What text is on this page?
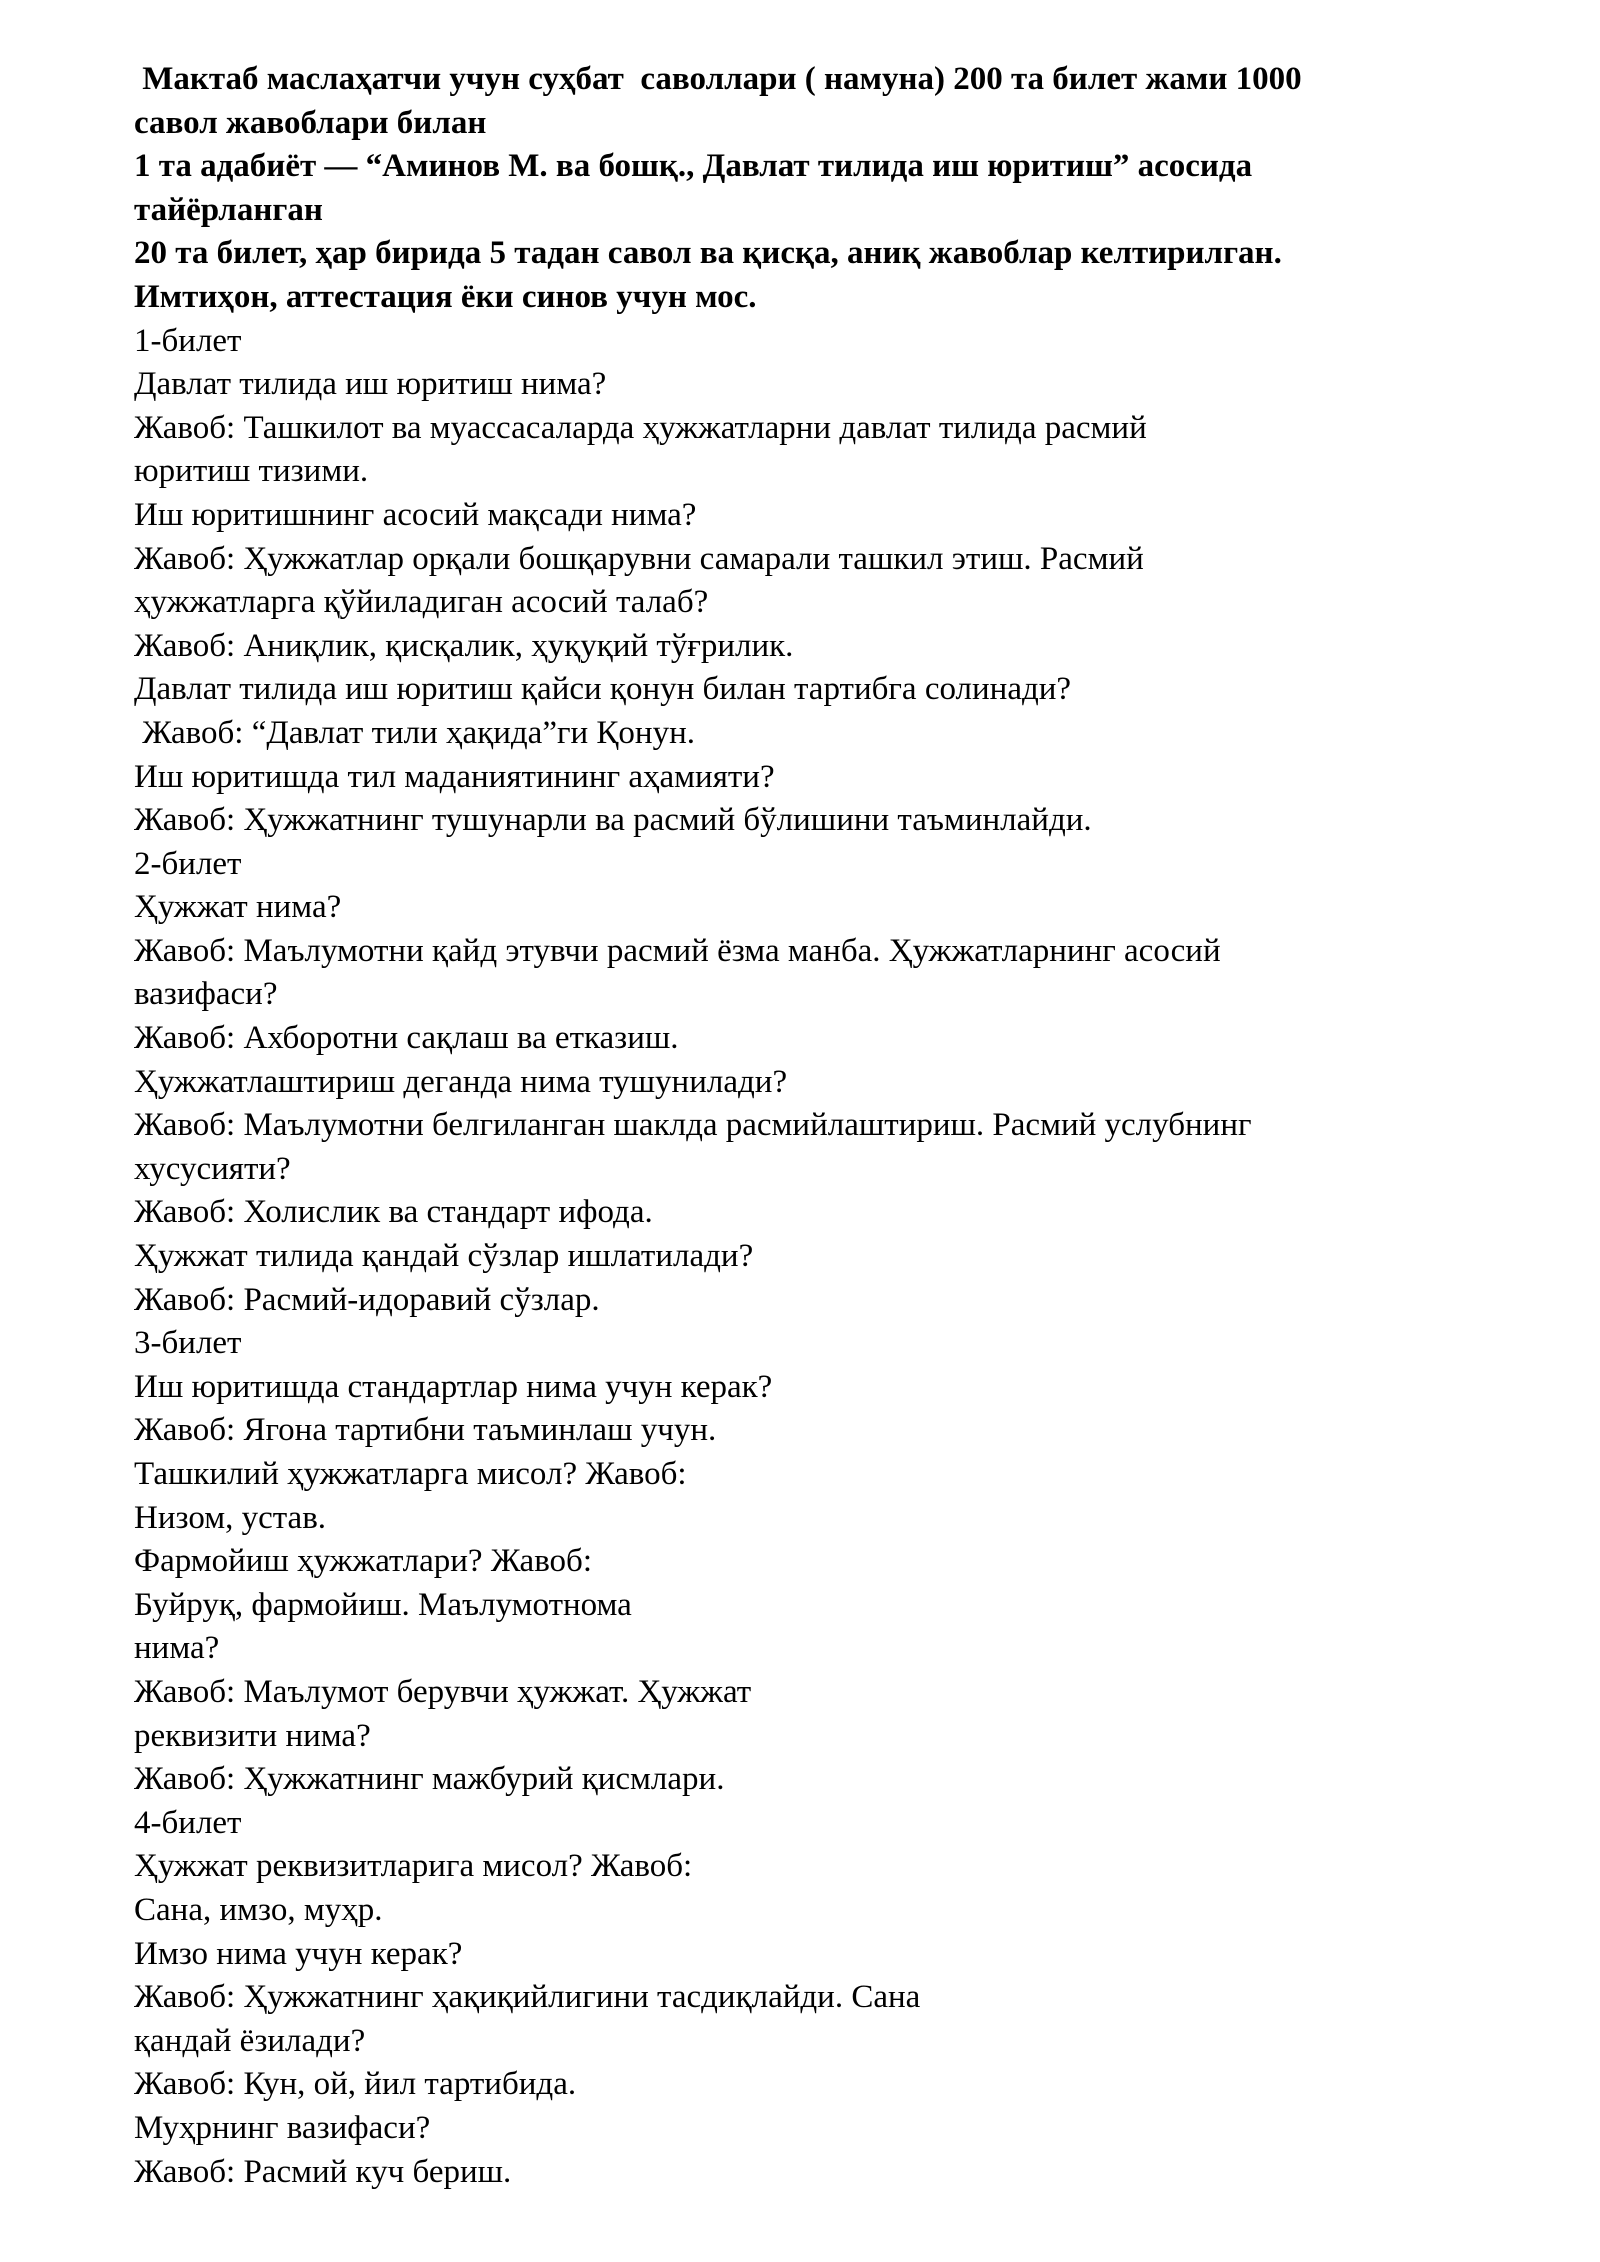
Мактаб маслаҳатчи учун суҳбат  саволлари ( намуна) 200 та билет жами 1000
савол жавоблари билан
1 та адабиёт — “Аминов М. ва бошқ., Давлат тилида иш юритиш” асосида
тайёрланган
20 та билет, ҳар бирида 5 тадан савол ва қисқа, аниқ жавоблар келтирилган.
Имтиҳон, аттестация ёки синов учун мос.
1-билет
Давлат тилида иш юритиш нима?
Жавоб: Ташкилот ва муассасаларда ҳужжатларни давлат тилида расмий
юритиш тизими.
Иш юритишнинг асосий мақсади нима?
Жавоб: Ҳужжатлар орқали бошқарувни самарали ташкил этиш. Расмий
ҳужжатларга қўйиладиган асосий талаб?
Жавоб: Аниқлик, қисқалик, ҳуқуқий тўғрилик.
Давлат тилида иш юритиш қайси қонун билан тартибга солинади?
Жавоб: “Давлат тили ҳақида”ги Қонун.
Иш юритишда тил маданиятининг аҳамияти?
Жавоб: Ҳужжатнинг тушунарли ва расмий бўлишини таъминлайди.
2-билет
Ҳужжат нима?
Жавоб: Маълумотни қайд этувчи расмий ёзма манба. Ҳужжатларнинг асосий
вазифаси?
Жавоб: Ахборотни сақлаш ва етказиш.
Ҳужжатлаштириш деганда нима тушунилади?
Жавоб: Маълумотни белгиланган шаклда расмийлаштириш. Расмий услубнинг
хусусияти?
Жавоб: Холислик ва стандарт ифода.
Ҳужжат тилида қандай сўзлар ишлатилади?
Жавоб: Расмий-идоравий сўзлар.
3-билет
Иш юритишда стандартлар нима учун керак?
Жавоб: Ягона тартибни таъминлаш учун.
Ташкилий ҳужжатларга мисол? Жавоб:
Низом, устав.
Фармойиш ҳужжатлари? Жавоб:
Буйруқ, фармойиш. Маълумотнома
нима?
Жавоб: Маълумот берувчи ҳужжат. Ҳужжат
реквизити нима?
Жавоб: Ҳужжатнинг мажбурий қисмлари.
4-билет
Ҳужжат реквизитларига мисол? Жавоб:
Сана, имзо, муҳр.
Имзо нима учун керак?
Жавоб: Ҳужжатнинг ҳақиқийлигини тасдиқлайди. Сана
қандай ёзилади?
Жавоб: Кун, ой, йил тартибида.
Муҳрнинг вазифаси?
Жавоб: Расмий куч бериш.
